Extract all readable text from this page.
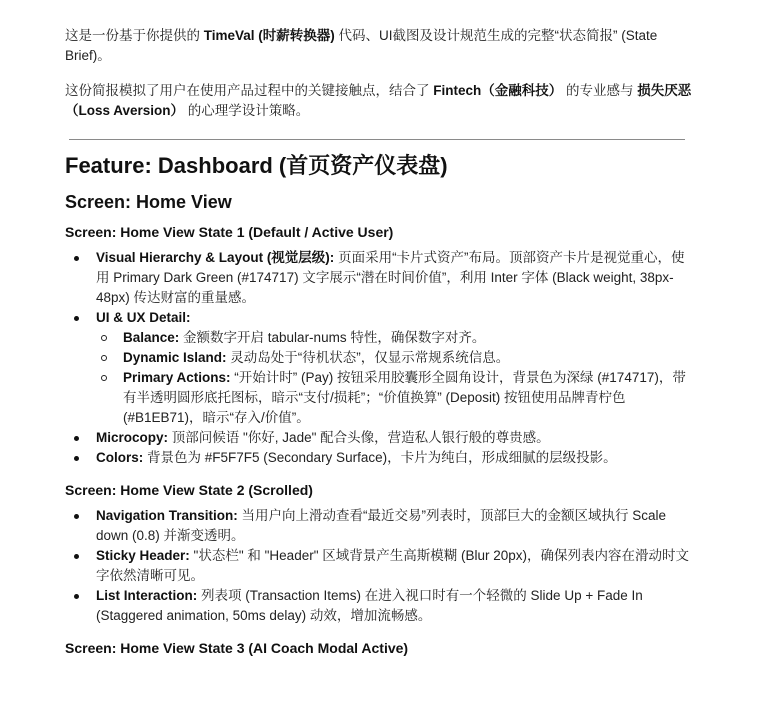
这是一份基于你提供的 TimeVal (时薪转换器) 代码、UI截图及设计规范生成的完整“状态简报” (State Brief)。

这份简报模拟了用户在使用产品过程中的关键接触点，结合了 Fintech（金融科技） 的专业感与 损失厌恶（Loss Aversion） 的心理学设计策略。

Feature: Dashboard (首页资产仪表盘)
Screen: Home View
Screen: Home View State 1 (Default / Active User)
Visual Hierarchy & Layout (视觉层级): 页面采用“卡片式资产”布局。顶部资产卡片是视觉重心，使用 Primary Dark Green (#174717) 文字展示“潜在时间价值”，利用 Inter 字体 (Black weight, 38px-48px) 传达财富的重量感。
UI & UX Detail:
Balance: 金额数字开启 tabular-nums 特性，确保数字对齐。
Dynamic Island: 灵动岛处于“待机状态”，仅显示常规系统信息。
Primary Actions: “开始计时” (Pay) 按钮采用胶囊形全圆角设计，背景色为深绿 (#174717)，带有半透明圆形底托图标，暗示“支付/损耗”；“价值换算” (Deposit) 按钮使用品牌青柠色 (#B1EB71)，暗示“存入/价值”。
Microcopy: 顶部问候语 "你好, Jade" 配合头像，营造私人银行般的尊贵感。
Colors: 背景色为 #F5F7F5 (Secondary Surface)，卡片为纯白，形成细腻的层级投影。
Screen: Home View State 2 (Scrolled)
Navigation Transition: 当用户向上滑动查看“最近交易”列表时，顶部巨大的金额区域执行 Scale down (0.8) 并渐变透明。
Sticky Header: "状态栏" 和 "Header" 区域背景产生高斯模糊 (Blur 20px)，确保列表内容在滑动时文字依然清晰可见。
List Interaction: 列表项 (Transaction Items) 在进入视口时有一个轻微的 Slide Up + Fade In (Staggered animation, 50ms delay) 动效，增加流畅感。
Screen: Home View State 3 (AI Coach Modal Active)
